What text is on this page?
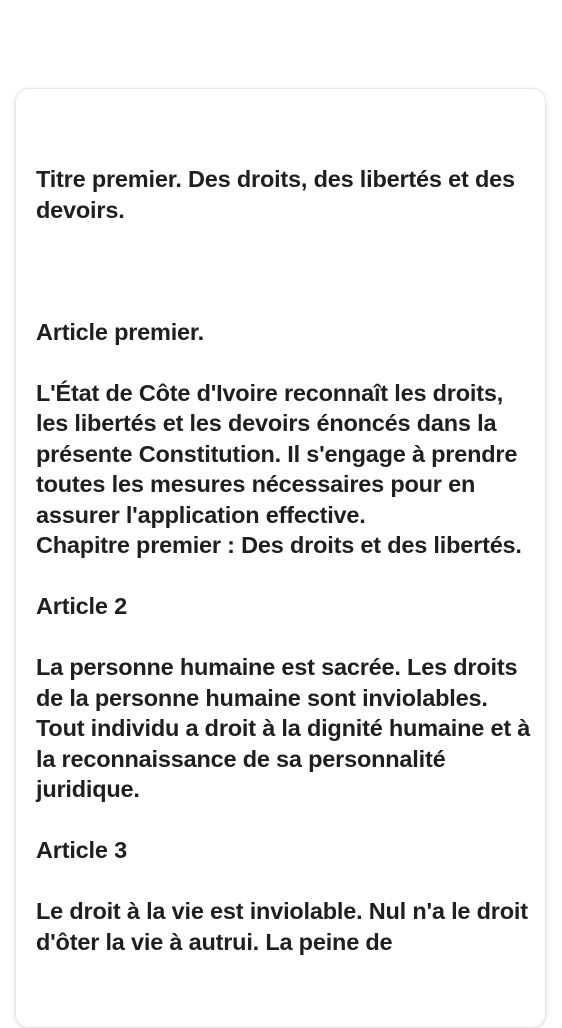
Titre premier. Des droits, des libertés et des devoirs.

Article premier.

L'État de Côte d'Ivoire reconnaît les droits, les libertés et les devoirs énoncés dans la présente Constitution. Il s'engage à prendre toutes les mesures nécessaires pour en assurer l'application effective.
Chapitre premier : Des droits et des libertés.

Article 2

La personne humaine est sacrée. Les droits de la personne humaine sont inviolables. Tout individu a droit à la dignité humaine et à la reconnaissance de sa personnalité juridique.

Article 3

Le droit à la vie est inviolable. Nul n'a le droit d'ôter la vie à autrui. La peine de
